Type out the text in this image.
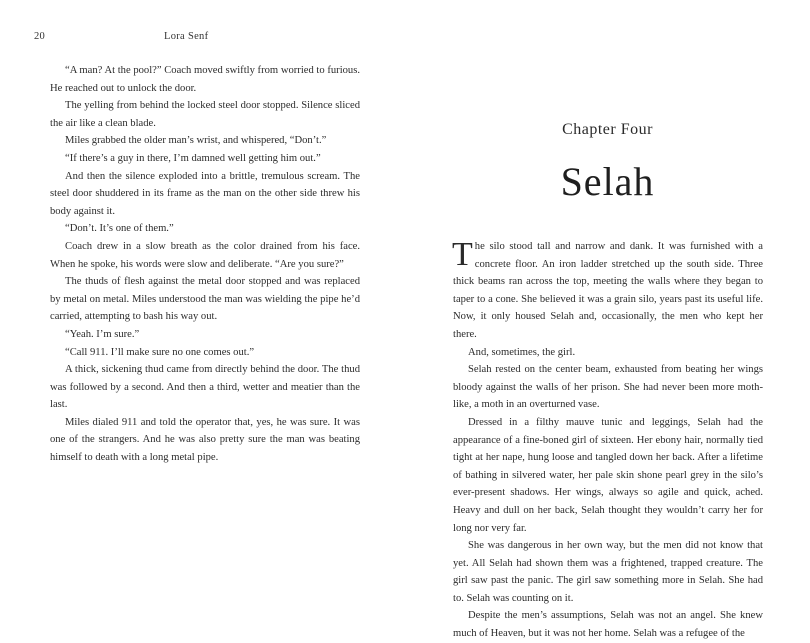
20	Lora Senf

“A man? At the pool?” Coach moved swiftly from worried to furious. He reached out to unlock the door.

The yelling from behind the locked steel door stopped. Silence sliced the air like a clean blade.

Miles grabbed the older man’s wrist, and whispered, “Don’t.”

“If there’s a guy in there, I’m damned well getting him out.”

And then the silence exploded into a brittle, tremulous scream. The steel door shuddered in its frame as the man on the other side threw his body against it.

“Don’t. It’s one of them.”

Coach drew in a slow breath as the color drained from his face. When he spoke, his words were slow and deliberate. “Are you sure?”

The thuds of flesh against the metal door stopped and was replaced by metal on metal. Miles understood the man was wielding the pipe he’d carried, attempting to bash his way out.

“Yeah. I’m sure.”

“Call 911. I’ll make sure no one comes out.”

A thick, sickening thud came from directly behind the door. The thud was followed by a second. And then a third, wetter and meatier than the last.

Miles dialed 911 and told the operator that, yes, he was sure. It was one of the strangers. And he was also pretty sure the man was beating himself to death with a long metal pipe.

Chapter Four
Selah

The silo stood tall and narrow and dank. It was furnished with a concrete floor. An iron ladder stretched up the south side. Three thick beams ran across the top, meeting the walls where they began to taper to a cone. She believed it was a grain silo, years past its useful life. Now, it only housed Selah and, occasionally, the men who kept her there.

And, sometimes, the girl.

Selah rested on the center beam, exhausted from beating her wings bloody against the walls of her prison. She had never been more moth-like, a moth in an overturned vase.

Dressed in a filthy mauve tunic and leggings, Selah had the appearance of a fine-boned girl of sixteen. Her ebony hair, normally tied tight at her nape, hung loose and tangled down her back. After a lifetime of bathing in silvered water, her pale skin shone pearl grey in the silo’s ever-present shadows. Her wings, always so agile and quick, ached. Heavy and dull on her back, Selah thought they wouldn’t carry her for long nor very far.

She was dangerous in her own way, but the men did not know that yet. All Selah had shown them was a frightened, trapped creature. The girl saw past the panic. The girl saw something more in Selah. She had to. Selah was counting on it.

Despite the men’s assumptions, Selah was not an angel. She knew much of Heaven, but it was not her home. Selah was a refugee of the
